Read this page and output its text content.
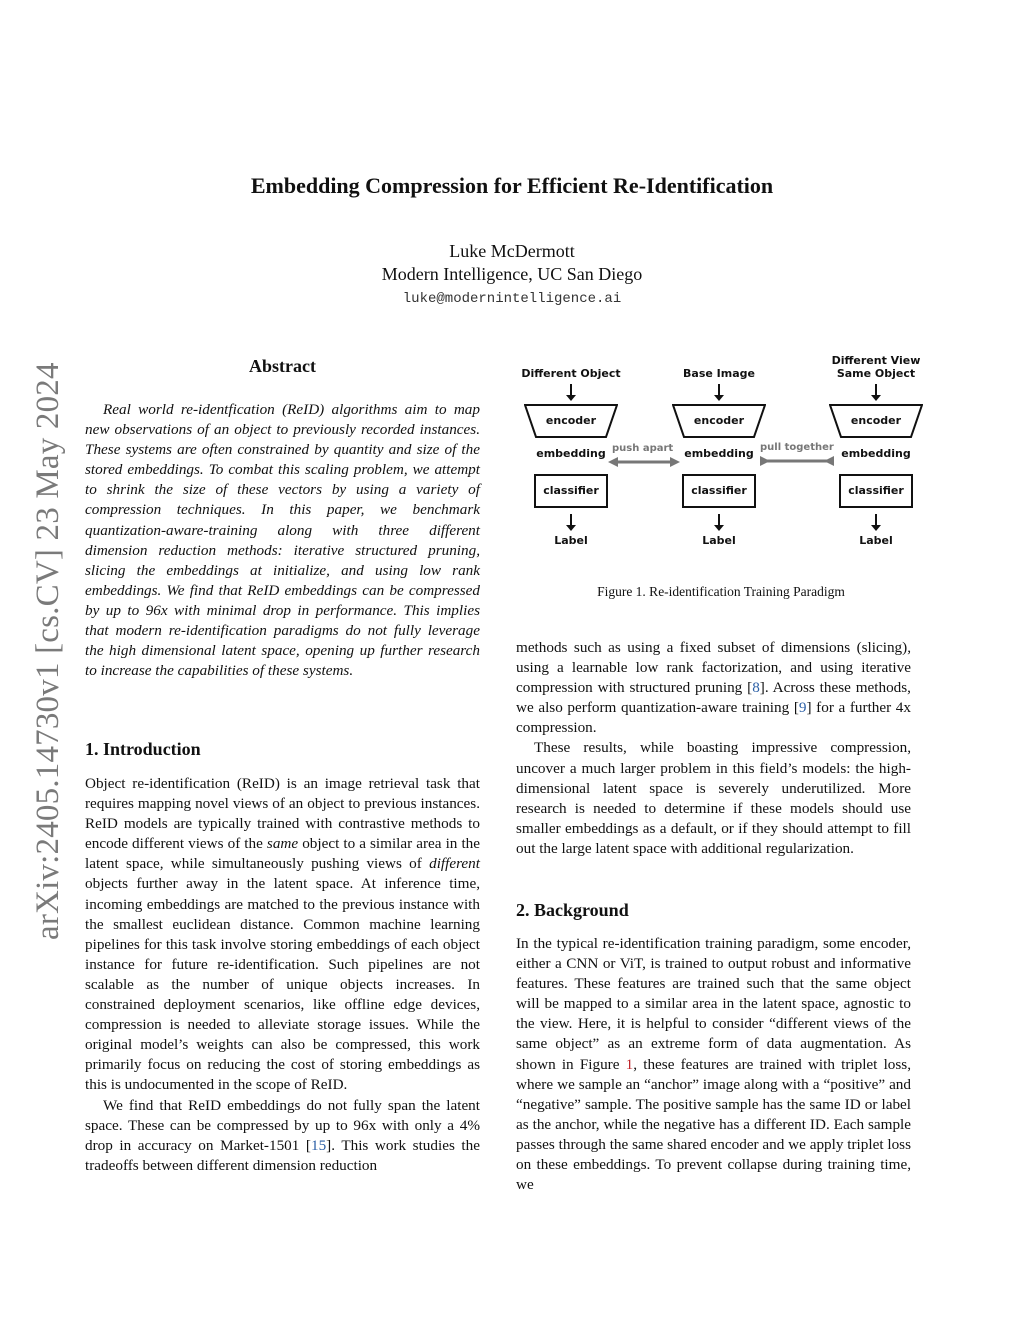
arXiv:2405.14730v1 [cs.CV] 23 May 2024
Embedding Compression for Efficient Re-Identification
Luke McDermott
Modern Intelligence, UC San Diego
luke@modernintelligence.ai
Abstract

Real world re-identfication (ReID) algorithms aim to map new observations of an object to previously recorded instances. These systems are often constrained by quantity and size of the stored embeddings. To combat this scaling problem, we attempt to shrink the size of these vectors by using a variety of compression techniques. In this paper, we benchmark quantization-aware-training along with three different dimension reduction methods: iterative structured pruning, slicing the embeddings at initialize, and using low rank embeddings. We find that ReID embeddings can be compressed by up to 96x with minimal drop in performance. This implies that modern re-identification paradigms do not fully leverage the high dimensional latent space, opening up further research to increase the capabilities of these systems.

1. Introduction

Object re-identification (ReID) is an image retrieval task that requires mapping novel views of an object to previous instances. ReID models are typically trained with contrastive methods to encode different views of the same object to a similar area in the latent space, while simultaneously pushing views of different objects further away in the latent space. At inference time, incoming embeddings are matched to the previous instance with the smallest euclidean distance. Common machine learning pipelines for this task involve storing embeddings of each object instance for future re-identification. Such pipelines are not scalable as the number of unique objects increases. In constrained deployment scenarios, like offline edge devices, compression is needed to alleviate storage issues. While the original model’s weights can also be compressed, this work primarily focus on reducing the cost of storing embeddings as this is undocumented in the scope of ReID.

We find that ReID embeddings do not fully span the latent space. These can be compressed by up to 96x with only a 4% drop in accuracy on Market-1501 [15]. This work studies the tradeoffs between different dimension reduction

Different Object
encoder
embedding
classifier
Label
Base Image
encoder
embedding
classifier
Label
Different View Same Object
encoder
embedding
classifier
Label
push apart	pull together
Figure 1. Re-identification Training Paradigm

methods such as using a fixed subset of dimensions (slicing), using a learnable low rank factorization, and using iterative compression with structured pruning [8]. Across these methods, we also perform quantization-aware training [9] for a further 4x compression.

These results, while boasting impressive compression, uncover a much larger problem in this field’s models: the high-dimensional latent space is severely underutilized. More research is needed to determine if these models should use smaller embeddings as a default, or if they should attempt to fill out the large latent space with additional regularization.

2. Background

In the typical re-identification training paradigm, some encoder, either a CNN or ViT, is trained to output robust and informative features. These features are trained such that the same object will be mapped to a similar area in the latent space, agnostic to the view. Here, it is helpful to consider “different views of the same object” as an extreme form of data augmentation. As shown in Figure 1, these features are trained with triplet loss, where we sample an “anchor” image along with a “positive” and “negative” sample. The positive sample has the same ID or label as the anchor, while the negative has a different ID. Each sample passes through the same shared encoder and we apply triplet loss on these embeddings. To prevent collapse during training time, we
